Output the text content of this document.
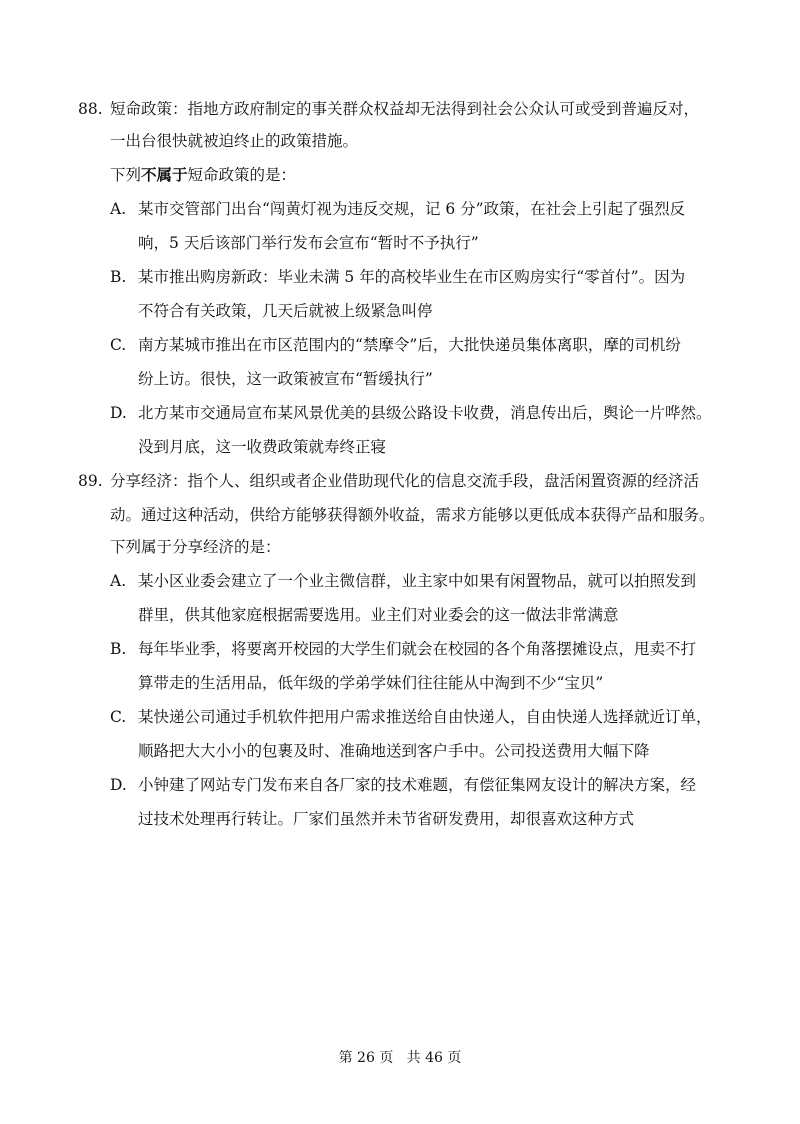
88. 短命政策：指地方政府制定的事关群众权益却无法得到社会公众认可或受到普遍反对，
一出台很快就被迫终止的政策措施。
下列不属于短命政策的是：
A. 某市交管部门出台“闯黄灯视为违反交规，记 6 分”政策，在社会上引起了强烈反
响，5 天后该部门举行发布会宣布“暂时不予执行”
B. 某市推出购房新政：毕业未满 5 年的高校毕业生在市区购房实行“零首付”。因为
不符合有关政策，几天后就被上级紧急叫停
C. 南方某城市推出在市区范围内的“禁摩令”后，大批快递员集体离职，摩的司机纷
纷上访。很快，这一政策被宣布“暂缓执行”
D. 北方某市交通局宣布某风景优美的县级公路设卡收费，消息传出后，舆论一片哗然。
没到月底，这一收费政策就寿终正寝
89. 分享经济：指个人、组织或者企业借助现代化的信息交流手段，盘活闲置资源的经济活
动。通过这种活动，供给方能够获得额外收益，需求方能够以更低成本获得产品和服务。
下列属于分享经济的是：
A. 某小区业委会建立了一个业主微信群，业主家中如果有闲置物品，就可以拍照发到
群里，供其他家庭根据需要选用。业主们对业委会的这一做法非常满意
B. 每年毕业季，将要离开校园的大学生们就会在校园的各个角落摆摊设点，甩卖不打
算带走的生活用品，低年级的学弟学妹们往往能从中淘到不少“宝贝”
C. 某快递公司通过手机软件把用户需求推送给自由快递人，自由快递人选择就近订单，
顺路把大大小小的包裹及时、准确地送到客户手中。公司投送费用大幅下降
D. 小钟建了网站专门发布来自各厂家的技术难题，有偿征集网友设计的解决方案，经
过技术处理再行转让。厂家们虽然并未节省研发费用，却很喜欢这种方式
第 26 页   共 46 页
